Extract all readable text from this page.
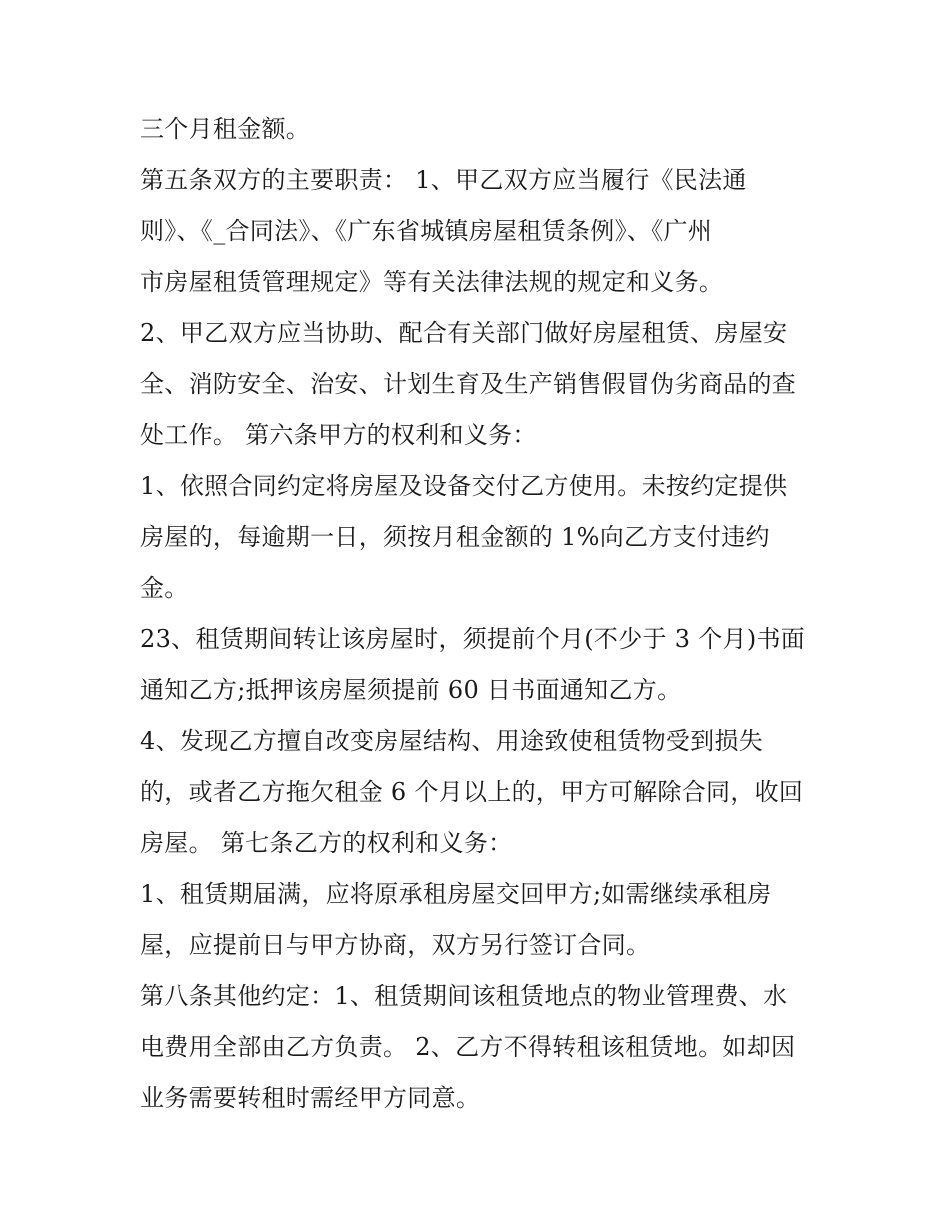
三个月租金额。
第五条双方的主要职责： 1、甲乙双方应当履行《民法通
则》、《_合同法》、《广东省城镇房屋租赁条例》、《广州
市房屋租赁管理规定》等有关法律法规的规定和义务。
2、甲乙双方应当协助、配合有关部门做好房屋租赁、房屋安
全、消防安全、治安、计划生育及生产销售假冒伪劣商品的查
处工作。 第六条甲方的权利和义务：
1、依照合同约定将房屋及设备交付乙方使用。未按约定提供
房屋的，每逾期一日，须按月租金额的 1%向乙方支付违约
金。
23、租赁期间转让该房屋时，须提前个月(不少于 3 个月)书面
通知乙方;抵押该房屋须提前 60 日书面通知乙方。
4、发现乙方擅自改变房屋结构、用途致使租赁物受到损失
的，或者乙方拖欠租金 6 个月以上的，甲方可解除合同，收回
房屋。 第七条乙方的权利和义务：
1、租赁期届满，应将原承租房屋交回甲方;如需继续承租房
屋，应提前日与甲方协商，双方另行签订合同。
第八条其他约定：1、租赁期间该租赁地点的物业管理费、水
电费用全部由乙方负责。 2、乙方不得转租该租赁地。如却因
业务需要转租时需经甲方同意。
